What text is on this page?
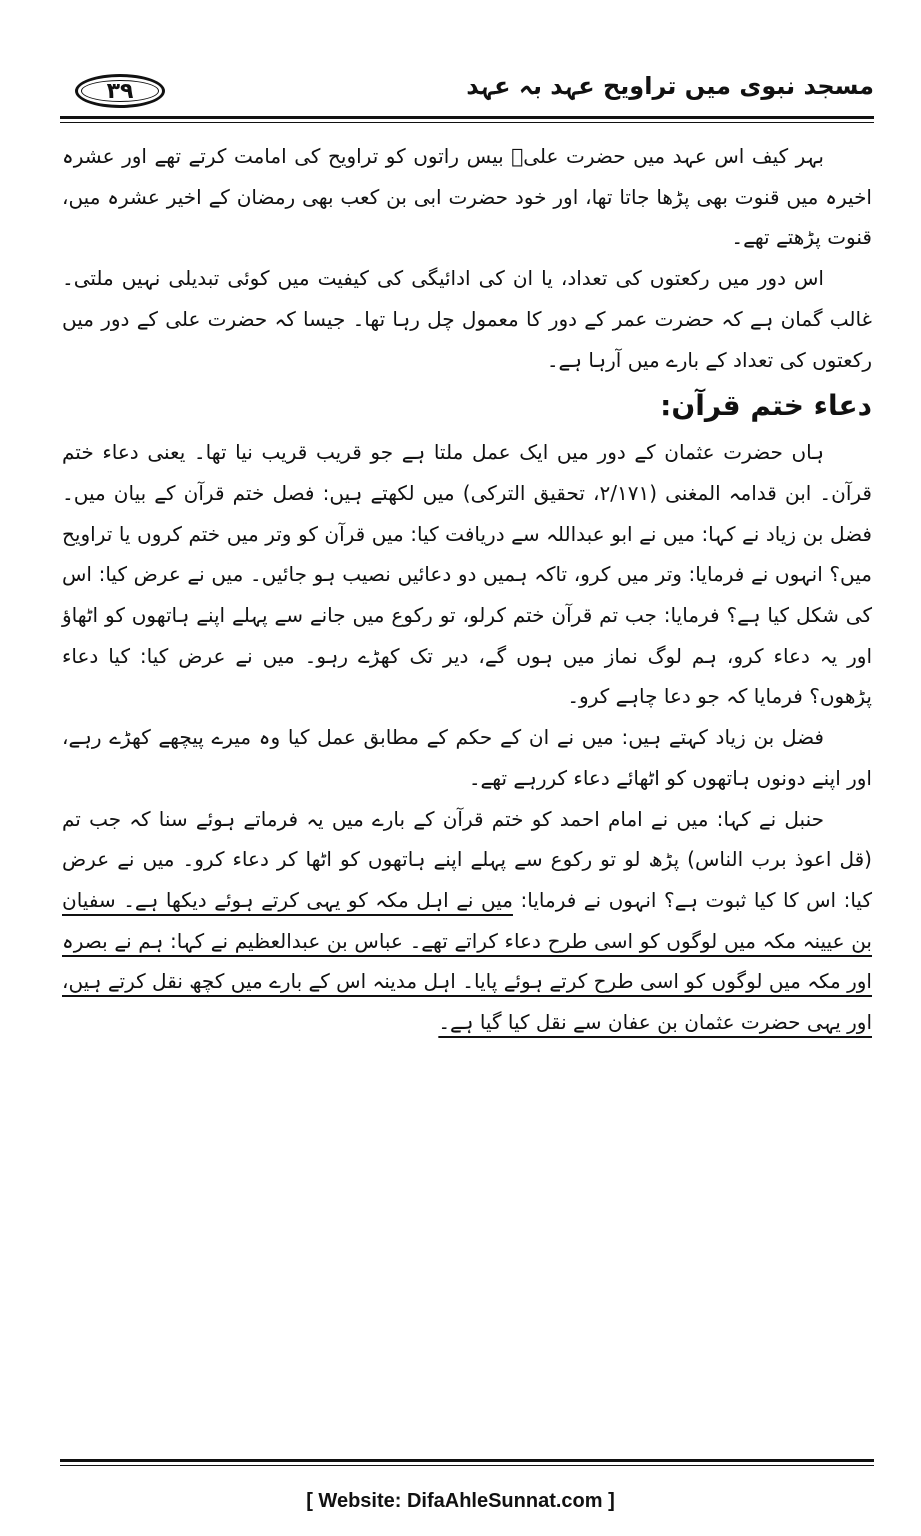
مسجد نبوی میں تراویح عہد بہ عہد
۳۹

بہر کیف اس عہد میں حضرت علیؓ بیس راتوں کو تراویح کی امامت کرتے تھے اور عشرہ اخیرہ میں قنوت بھی پڑھا جاتا تھا، اور خود حضرت ابی بن کعب بھی رمضان کے اخیر عشرہ میں، قنوت پڑھتے تھے۔

اس دور میں رکعتوں کی تعداد، یا ان کی ادائیگی کی کیفیت میں کوئی تبدیلی نہیں ملتی۔ غالب گمان ہے کہ حضرت عمر کے دور کا معمول چل رہا تھا۔ جیسا کہ حضرت علی کے دور میں رکعتوں کی تعداد کے بارے میں آرہا ہے۔

دعاء ختم قرآن:

ہاں حضرت عثمان کے دور میں ایک عمل ملتا ہے جو قریب قریب نیا تھا۔ یعنی دعاء ختم قرآن۔ ابن قدامہ المغنی (۲/۱۷۱، تحقیق الترکی) میں لکھتے ہیں: فصل ختم قرآن کے بیان میں۔ فضل بن زیاد نے کہا: میں نے ابو عبداللہ سے دریافت کیا: میں قرآن کو وتر میں ختم کروں یا تراویح میں؟ انہوں نے فرمایا: وتر میں کرو، تاکہ ہمیں دو دعائیں نصیب ہو جائیں۔ میں نے عرض کیا: اس کی شکل کیا ہے؟ فرمایا: جب تم قرآن ختم کرلو، تو رکوع میں جانے سے پہلے اپنے ہاتھوں کو اٹھاؤ اور یہ دعاء کرو، ہم لوگ نماز میں ہوں گے، دیر تک کھڑے رہو۔ میں نے عرض کیا: کیا دعاء پڑھوں؟ فرمایا کہ جو دعا چاہے کرو۔

فضل بن زیاد کہتے ہیں: میں نے ان کے حکم کے مطابق عمل کیا وہ میرے پیچھے کھڑے رہے، اور اپنے دونوں ہاتھوں کو اٹھائے دعاء کررہے تھے۔

حنبل نے کہا: میں نے امام احمد کو ختم قرآن کے بارے میں یہ فرماتے ہوئے سنا کہ جب تم (قل اعوذ برب الناس) پڑھ لو تو رکوع سے پہلے اپنے ہاتھوں کو اٹھا کر دعاء کرو۔ میں نے عرض کیا: اس کا کیا ثبوت ہے؟ انہوں نے فرمایا: میں نے اہل مکہ کو یہی کرتے ہوئے دیکھا ہے۔ سفیان بن عیینہ مکہ میں لوگوں کو اسی طرح دعاء کراتے تھے۔ عباس بن عبدالعظیم نے کہا: ہم نے بصرہ اور مکہ میں لوگوں کو اسی طرح کرتے ہوئے پایا۔ اہل مدینہ اس کے بارے میں کچھ نقل کرتے ہیں، اور یہی حضرت عثمان بن عفان سے نقل کیا گیا ہے۔

[ Website: DifaAhleSunnat.com ]
